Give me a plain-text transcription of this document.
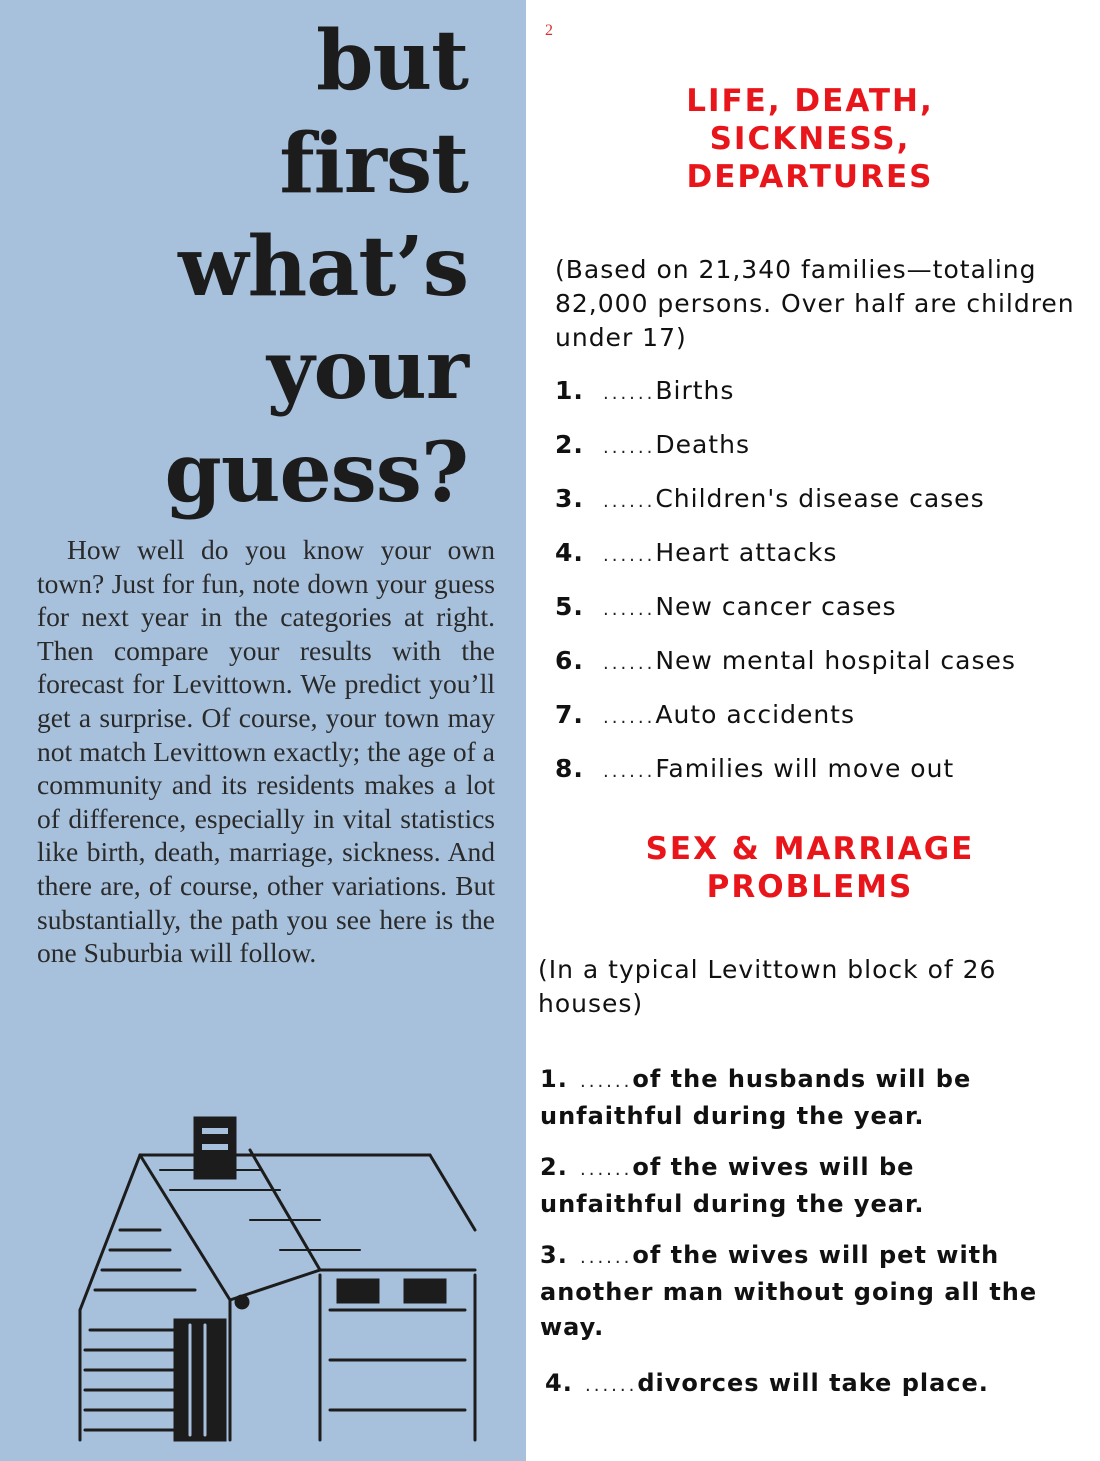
but
first
what’s
your
guess?
How well do you know your own town? Just for fun, note down your guess for next year in the categories at right. Then compare your results with the forecast for Levittown. We predict you’ll get a surprise. Of course, your town may not match Levittown exactly; the age of a community and its residents makes a lot of difference, especially in vital statistics like birth, death, marriage, sickness. And there are, of course, other variations. But substantially, the path you see here is the one Suburbia will follow.
2
LIFE, DEATH,
SICKNESS,
DEPARTURES
(Based on 21,340 families—totaling 82,000 persons. Over half are children under 17)
1. ......Births
2. ......Deaths
3. ......Children's disease cases
4. ......Heart attacks
5. ......New cancer cases
6. ......New mental hospital cases
7. ......Auto accidents
8. ......Families will move out
SEX & MARRIAGE
PROBLEMS
(In a typical Levittown block of 26 houses)
1. ......of the husbands will be unfaithful during the year.
2. ......of the wives will be unfaithful during the year.
3. ......of the wives will pet with another man without going all the way.
4. ......divorces will take place.
